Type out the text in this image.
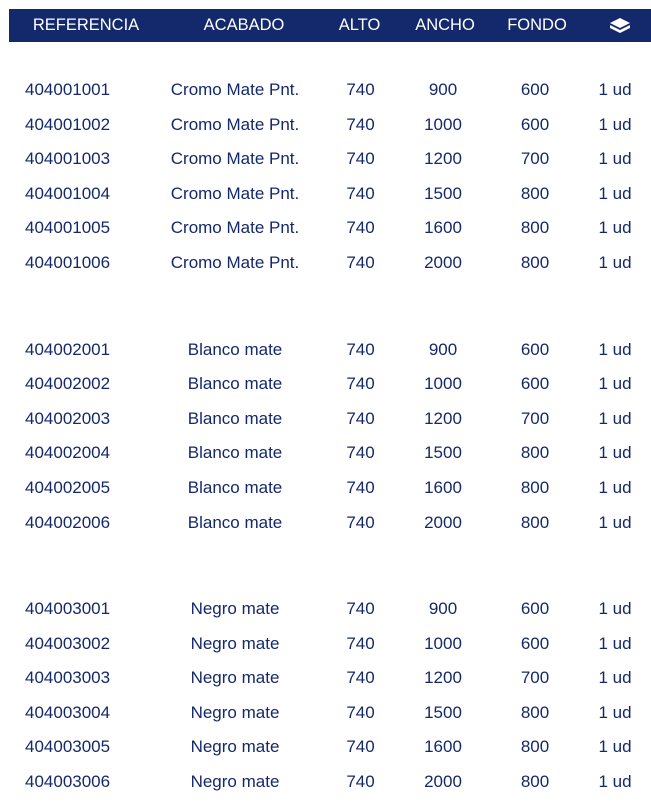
REFERENCIA	ACABADO	ALTO	ANCHO	FONDO
404001001	Cromo Mate Pnt.	740	900	600	1 ud
404001002	Cromo Mate Pnt.	740	1000	600	1 ud
404001003	Cromo Mate Pnt.	740	1200	700	1 ud
404001004	Cromo Mate Pnt.	740	1500	800	1 ud
404001005	Cromo Mate Pnt.	740	1600	800	1 ud
404001006	Cromo Mate Pnt.	740	2000	800	1 ud
404002001	Blanco mate	740	900	600	1 ud
404002002	Blanco mate	740	1000	600	1 ud
404002003	Blanco mate	740	1200	700	1 ud
404002004	Blanco mate	740	1500	800	1 ud
404002005	Blanco mate	740	1600	800	1 ud
404002006	Blanco mate	740	2000	800	1 ud
404003001	Negro mate	740	900	600	1 ud
404003002	Negro mate	740	1000	600	1 ud
404003003	Negro mate	740	1200	700	1 ud
404003004	Negro mate	740	1500	800	1 ud
404003005	Negro mate	740	1600	800	1 ud
404003006	Negro mate	740	2000	800	1 ud
